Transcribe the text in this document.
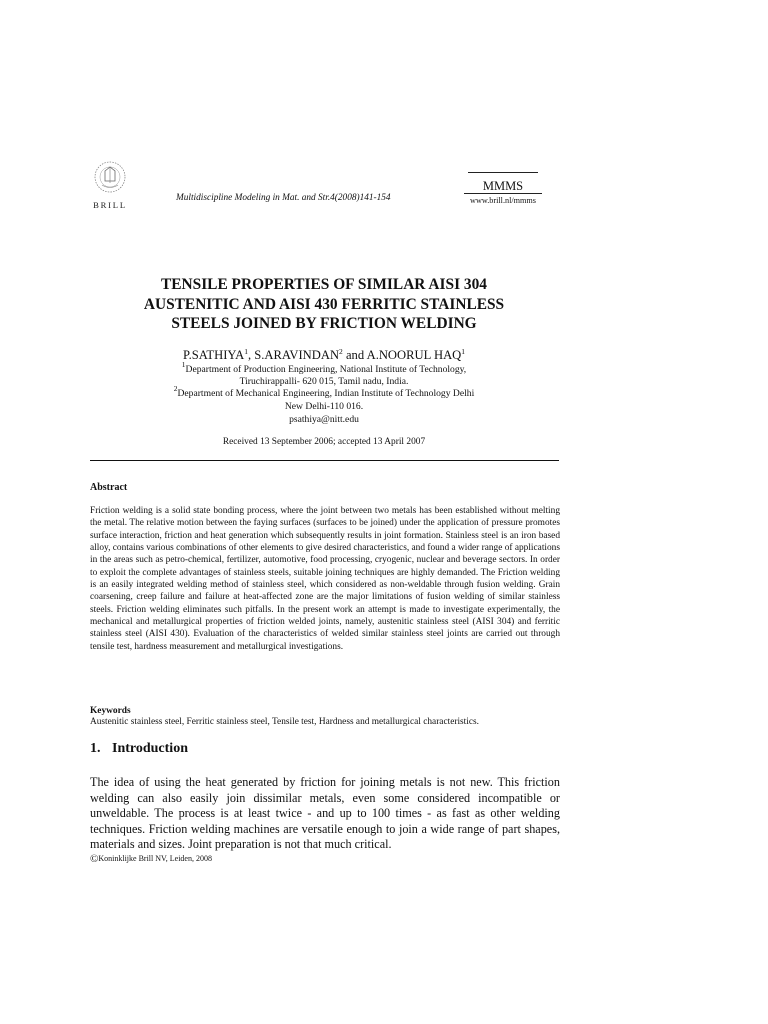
BRILL
Multidiscipline Modeling in Mat. and Str.4(2008)141-154
MMMS
www.brill.nl/mmms
TENSILE PROPERTIES OF SIMILAR AISI 304
AUSTENITIC AND AISI 430 FERRITIC STAINLESS
STEELS JOINED BY FRICTION WELDING
P.SATHIYA$^1$, S.ARAVINDAN$^2$ and A.NOORUL HAQ$^1$
$^1$Department of Production Engineering, National Institute of Technology,
Tiruchirappalli- 620 015, Tamil nadu, India.
$^2$Department of Mechanical Engineering, Indian Institute of Technology Delhi
New Delhi-110 016.
psathiya@nitt.edu
Received 13 September 2006; accepted 13 April 2007
Abstract
Friction welding is a solid state bonding process, where the joint between two metals has been established without melting the metal. The relative motion between the faying surfaces (surfaces to be joined) under the application of pressure promotes surface interaction, friction and heat generation which subsequently results in joint formation. Stainless steel is an iron based alloy, contains various combinations of other elements to give desired characteristics, and found a wider range of applications in the areas such as petro-chemical, fertilizer, automotive, food processing, cryogenic, nuclear and beverage sectors. In order to exploit the complete advantages of stainless steels, suitable joining techniques are highly demanded. The Friction welding is an easily integrated welding method of stainless steel, which considered as non-weldable through fusion welding. Grain coarsening, creep failure and failure at heat-affected zone are the major limitations of fusion welding of similar stainless steels. Friction welding eliminates such pitfalls. In the present work an attempt is made to investigate experimentally, the mechanical and metallurgical properties of friction welded joints, namely, austenitic stainless steel (AISI 304) and ferritic stainless steel (AISI 430). Evaluation of the characteristics of welded similar stainless steel joints are carried out through tensile test, hardness measurement and metallurgical investigations.
Keywords
Austenitic stainless steel, Ferritic stainless steel, Tensile test, Hardness and metallurgical characteristics.
1. Introduction
The idea of using the heat generated by friction for joining metals is not new. This friction welding can also easily join dissimilar metals, even some considered incompatible or unweldable. The process is at least twice - and up to 100 times - as fast as other welding techniques. Friction welding machines are versatile enough to join a wide range of part shapes, materials and sizes. Joint preparation is not that much critical.
©Koninklijke Brill NV, Leiden, 2008
